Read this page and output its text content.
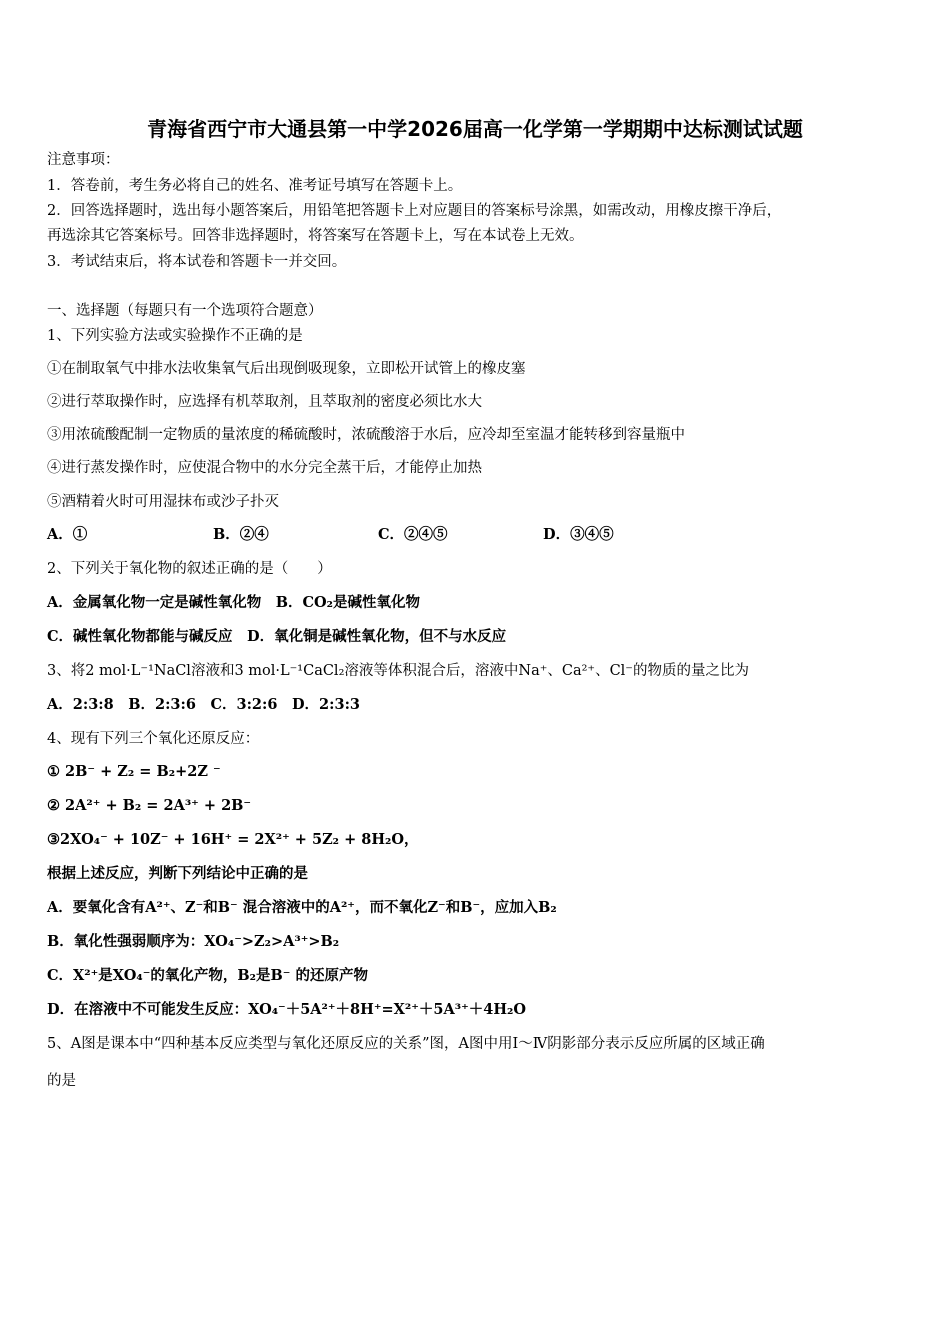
青海省西宁市大通县第一中学2026届高一化学第一学期期中达标测试试题
注意事项：
1．答卷前，考生务必将自己的姓名、准考证号填写在答题卡上。
2．回答选择题时，选出每小题答案后，用铅笔把答题卡上对应题目的答案标号涂黑，如需改动，用橡皮擦干净后，
再选涂其它答案标号。回答非选择题时，将答案写在答题卡上，写在本试卷上无效。
3．考试结束后，将本试卷和答题卡一并交回。
一、选择题（每题只有一个选项符合题意）
1、下列实验方法或实验操作不正确的是
①在制取氧气中排水法收集氧气后出现倒吸现象，立即松开试管上的橡皮塞
②进行萃取操作时，应选择有机萃取剂，且萃取剂的密度必须比水大
③用浓硫酸配制一定物质的量浓度的稀硫酸时，浓硫酸溶于水后，应冷却至室温才能转移到容量瓶中
④进行蒸发操作时，应使混合物中的水分完全蒸干后，才能停止加热
⑤酒精着火时可用湿抹布或沙子扑灭
A．①	B．②④	C．②④⑤	D．③④⑤
2、下列关于氧化物的叙述正确的是（　　）
A．金属氧化物一定是碱性氧化物　B．CO₂是碱性氧化物
C．碱性氧化物都能与碱反应　D．氧化铜是碱性氧化物，但不与水反应
3、将2 mol·L⁻¹NaCl溶液和3 mol·L⁻¹CaCl₂溶液等体积混合后，溶液中Na⁺、Ca²⁺、Cl⁻的物质的量之比为
A．2:3:8　B．2:3:6　C．3:2:6　D．2:3:3
4、现有下列三个氧化还原反应：
① 2B⁻ + Z₂ = B₂+2Z ⁻
② 2A²⁺ + B₂ = 2A³⁺ + 2B⁻
③2XO₄⁻ + 10Z⁻ + 16H⁺ = 2X²⁺ + 5Z₂ + 8H₂O，
根据上述反应，判断下列结论中正确的是
A．要氧化含有A²⁺、Z⁻和B⁻ 混合溶液中的A²⁺，而不氧化Z⁻和B⁻，应加入B₂
B．氧化性强弱顺序为：XO₄⁻>Z₂>A³⁺>B₂
C．X²⁺是XO₄⁻的氧化产物，B₂是B⁻ 的还原产物
D．在溶液中不可能发生反应：XO₄⁻＋5A²⁺＋8H⁺=X²⁺＋5A³⁺＋4H₂O
5、A图是课本中“四种基本反应类型与氧化还原反应的关系”图，A图中用Ⅰ～Ⅳ阴影部分表示反应所属的区域正确
的是
